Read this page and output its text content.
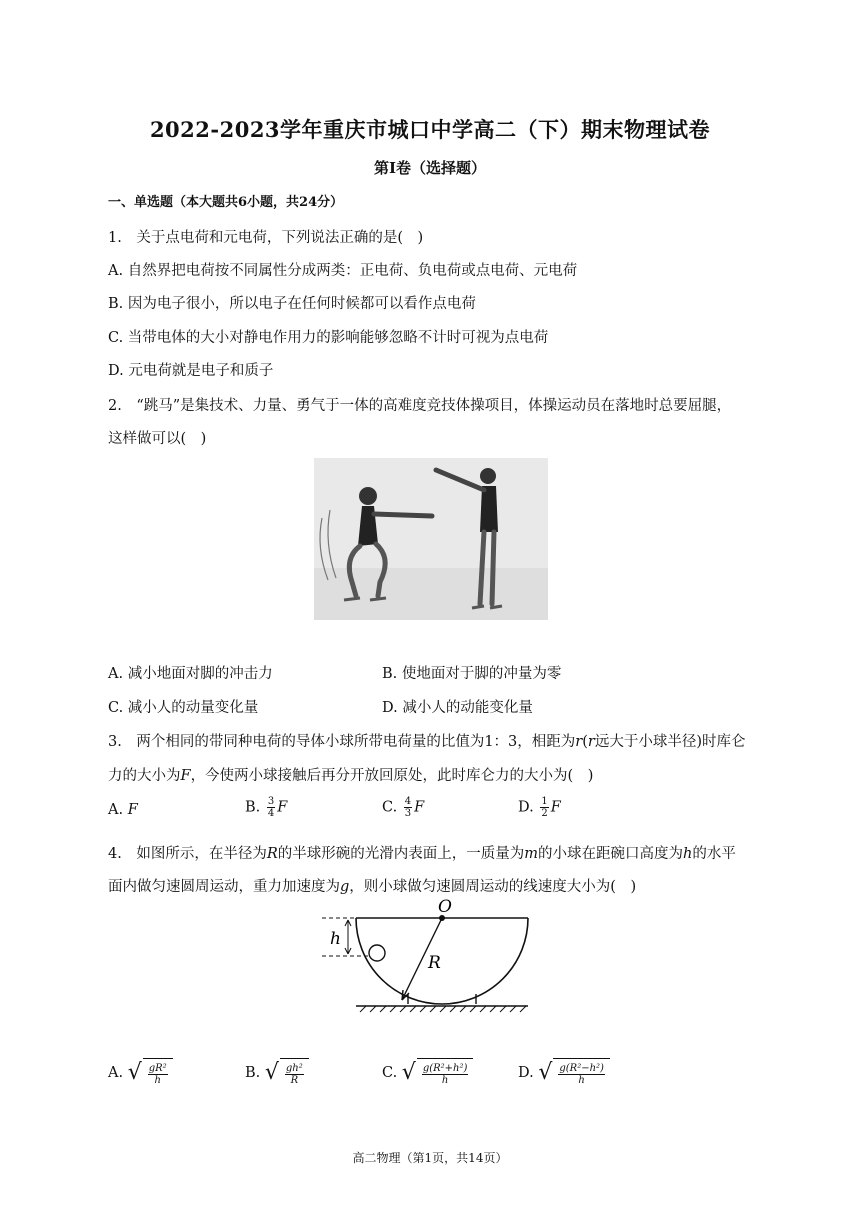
2022-2023学年重庆市城口中学高二（下）期末物理试卷
第I卷（选择题）
一、单选题（本大题共6小题，共24分）
1.　关于点电荷和元电荷，下列说法正确的是(　)
A. 自然界把电荷按不同属性分成两类：正电荷、负电荷或点电荷、元电荷
B. 因为电子很小，所以电子在任何时候都可以看作点电荷
C. 当带电体的大小对静电作用力的影响能够忽略不计时可视为点电荷
D. 元电荷就是电子和质子
2.　“跳马”是集技术、力量、勇气于一体的高难度竞技体操项目，体操运动员在落地时总要屈腿，
这样做可以(　)
A. 减小地面对脚的冲击力	B. 使地面对于脚的冲量为零
C. 减小人的动量变化量	D. 减小人的动能变化量
3.　两个相同的带同种电荷的导体小球所带电荷量的比值为1：3，相距为r(r远大于小球半径)时库仑
力的大小为F，今使两小球接触后再分开放回原处，此时库仑力的大小为(　)
A. F	B. $\frac{3}{4}$ F	C. $\frac{4}{3}$ F	D. $\frac{1}{2}$ F
4.　如图所示，在半径为R的半球形碗的光滑内表面上，一质量为m的小球在距碗口高度为h的水平
面内做匀速圆周运动，重力加速度为g，则小球做匀速圆周运动的线速度大小为(　)
O
h
R
A. √ $\frac{\text{gR²}}{h}$	B. √ $\frac{\text{gh²}}{R}$	C. √ $\frac{\text{g(R²+h²)}}{h}$	D. √ $\frac{\text{g(R²−h²)}}{h}$
高二物理（第1页，共14页）
